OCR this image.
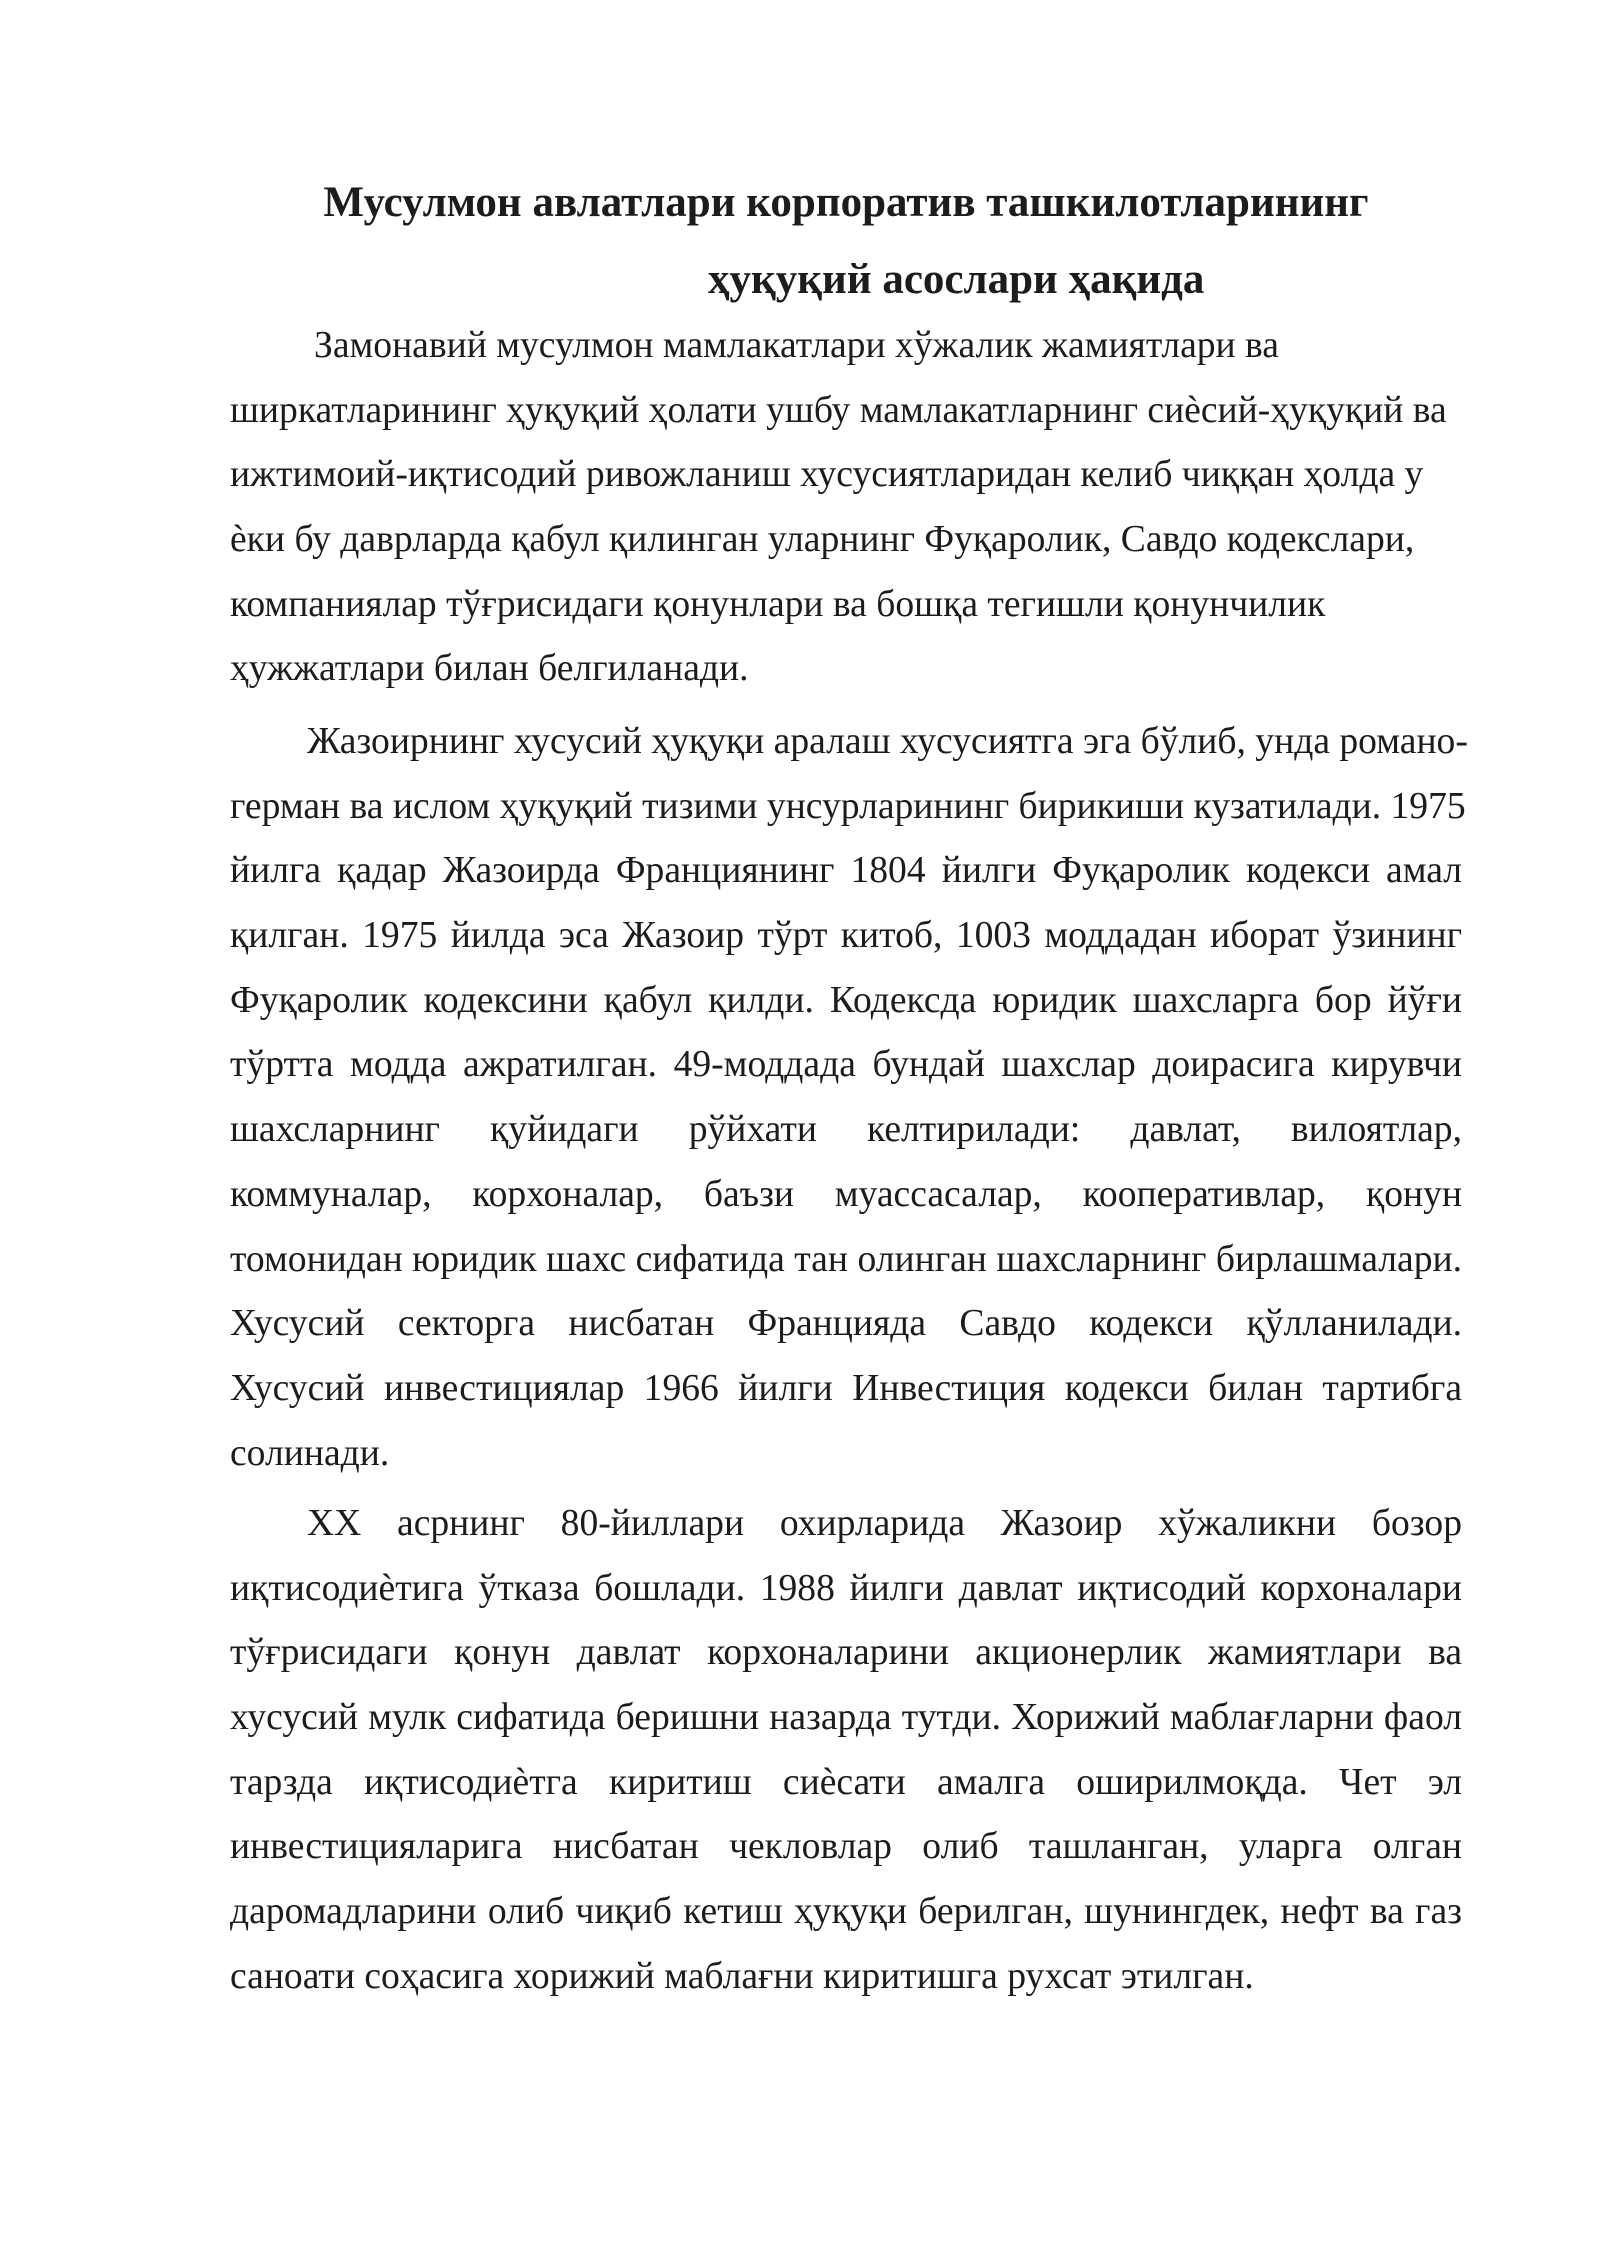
Мусулмон авлатлари корпоратив ташкилотларининг
ҳуқуқий асослари ҳақида
Замонавий мусулмон мамлакатлари хўжалик жамиятлари ва
ширкатларининг ҳуқуқий ҳолати ушбу мамлакатларнинг сиѐсий-ҳуқуқий ва
ижтимоий-иқтисодий ривожланиш хусусиятларидан келиб чиққан ҳолда у
ѐки бу даврларда қабул қилинган уларнинг Фуқаролик, Савдо кодекслари,
компаниялар тўғрисидаги қонунлари ва бошқа тегишли қонунчилик
ҳужжатлари билан белгиланади.
Жазоирнинг хусусий ҳуқуқи аралаш хусусиятга эга бўлиб, унда романо-
герман ва ислом ҳуқуқий тизими унсурларининг бирикиши кузатилади. 1975
йилга қадар Жазоирда Франциянинг 1804 йилги Фуқаролик кодекси амал
қилган. 1975 йилда эса Жазоир тўрт китоб, 1003 моддадан иборат ўзининг
Фуқаролик кодексини қабул қилди. Кодексда юридик шахсларга бор йўғи
тўртта модда ажратилган. 49-моддада бундай шахслар доирасига кирувчи
шахсларнинг қуйидаги рўйхати келтирилади: давлат, вилоятлар,
коммуналар, корхоналар, баъзи муассасалар, кооперативлар, қонун
томонидан юридик шахс сифатида тан олинган шахсларнинг бирлашмалари.
Хусусий секторга нисбатан Францияда Савдо кодекси қўлланилади.
Хусусий инвестициялар 1966 йилги Инвестиция кодекси билан тартибга
солинади.
ХХ асрнинг 80-йиллари охирларида Жазоир хўжаликни бозор
иқтисодиѐтига ўтказа бошлади. 1988 йилги давлат иқтисодий корхоналари
тўғрисидаги қонун давлат корхоналарини акционерлик жамиятлари ва
хусусий мулк сифатида беришни назарда тутди. Хорижий маблағларни фаол
тарзда иқтисодиѐтга киритиш сиѐсати амалга оширилмоқда. Чет эл
инвестицияларига нисбатан чекловлар олиб ташланган, уларга олган
даромадларини олиб чиқиб кетиш ҳуқуқи берилган, шунингдек, нефт ва газ
саноати соҳасига хорижий маблағни киритишга рухсат этилган.
